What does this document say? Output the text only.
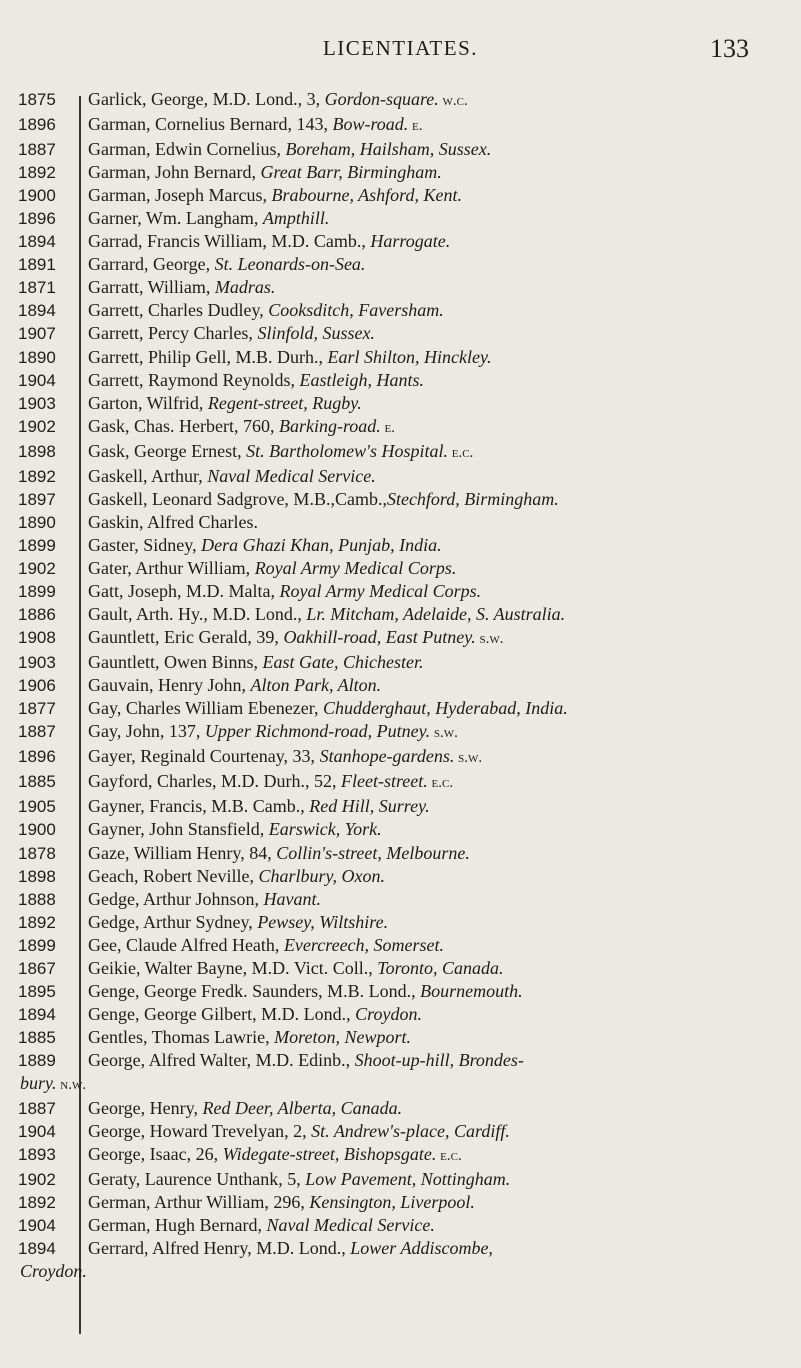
LICENTIATES.	133
1875	Garlick, George, M.D. Lond., 3, Gordon-square. w.c.
1896	Garman, Cornelius Bernard, 143, Bow-road. e.
1887	Garman, Edwin Cornelius, Boreham, Hailsham, Sussex.
1892	Garman, John Bernard, Great Barr, Birmingham.
1900	Garman, Joseph Marcus, Brabourne, Ashford, Kent.
1896	Garner, Wm. Langham, Ampthill.
1894	Garrad, Francis William, M.D. Camb., Harrogate.
1891	Garrard, George, St. Leonards-on-Sea.
1871	Garratt, William, Madras.
1894	Garrett, Charles Dudley, Cooksditch, Faversham.
1907	Garrett, Percy Charles, Slinfold, Sussex.
1890	Garrett, Philip Gell, M.B. Durh., Earl Shilton, Hinckley.
1904	Garrett, Raymond Reynolds, Eastleigh, Hants.
1903	Garton, Wilfrid, Regent-street, Rugby.
1902	Gask, Chas. Herbert, 760, Barking-road. e.
1898	Gask, George Ernest, St. Bartholomew's Hospital. e.c.
1892	Gaskell, Arthur, Naval Medical Service.
1897	Gaskell, Leonard Sadgrove, M.B.,Camb.,Stechford, Birmingham.
1890	Gaskin, Alfred Charles.
1899	Gaster, Sidney, Dera Ghazi Khan, Punjab, India.
1902	Gater, Arthur William, Royal Army Medical Corps.
1899	Gatt, Joseph, M.D. Malta, Royal Army Medical Corps.
1886	Gault, Arth. Hy., M.D. Lond., Lr. Mitcham, Adelaide, S. Australia.
1908	Gauntlett, Eric Gerald, 39, Oakhill-road, East Putney. s.w.
1903	Gauntlett, Owen Binns, East Gate, Chichester.
1906	Gauvain, Henry John, Alton Park, Alton.
1877	Gay, Charles William Ebenezer, Chudderghaut, Hyderabad, India.
1887	Gay, John, 137, Upper Richmond-road, Putney. s.w.
1896	Gayer, Reginald Courtenay, 33, Stanhope-gardens. s.w.
1885	Gayford, Charles, M.D. Durh., 52, Fleet-street. e.c.
1905	Gayner, Francis, M.B. Camb., Red Hill, Surrey.
1900	Gayner, John Stansfield, Earswick, York.
1878	Gaze, William Henry, 84, Collin's-street, Melbourne.
1898	Geach, Robert Neville, Charlbury, Oxon.
1888	Gedge, Arthur Johnson, Havant.
1892	Gedge, Arthur Sydney, Pewsey, Wiltshire.
1899	Gee, Claude Alfred Heath, Evercreech, Somerset.
1867	Geikie, Walter Bayne, M.D. Vict. Coll., Toronto, Canada.
1895	Genge, George Fredk. Saunders, M.B. Lond., Bournemouth.
1894	Genge, George Gilbert, M.D. Lond., Croydon.
1885	Gentles, Thomas Lawrie, Moreton, Newport.
1889	George, Alfred Walter, M.D. Edinb., Shoot-up-hill, Brondes-
bury. n.w.
1887	George, Henry, Red Deer, Alberta, Canada.
1904	George, Howard Trevelyan, 2, St. Andrew's-place, Cardiff.
1893	George, Isaac, 26, Widegate-street, Bishopsgate. e.c.
1902	Geraty, Laurence Unthank, 5, Low Pavement, Nottingham.
1892	German, Arthur William, 296, Kensington, Liverpool.
1904	German, Hugh Bernard, Naval Medical Service.
1894	Gerrard, Alfred Henry, M.D. Lond., Lower Addiscombe,
Croydon.
